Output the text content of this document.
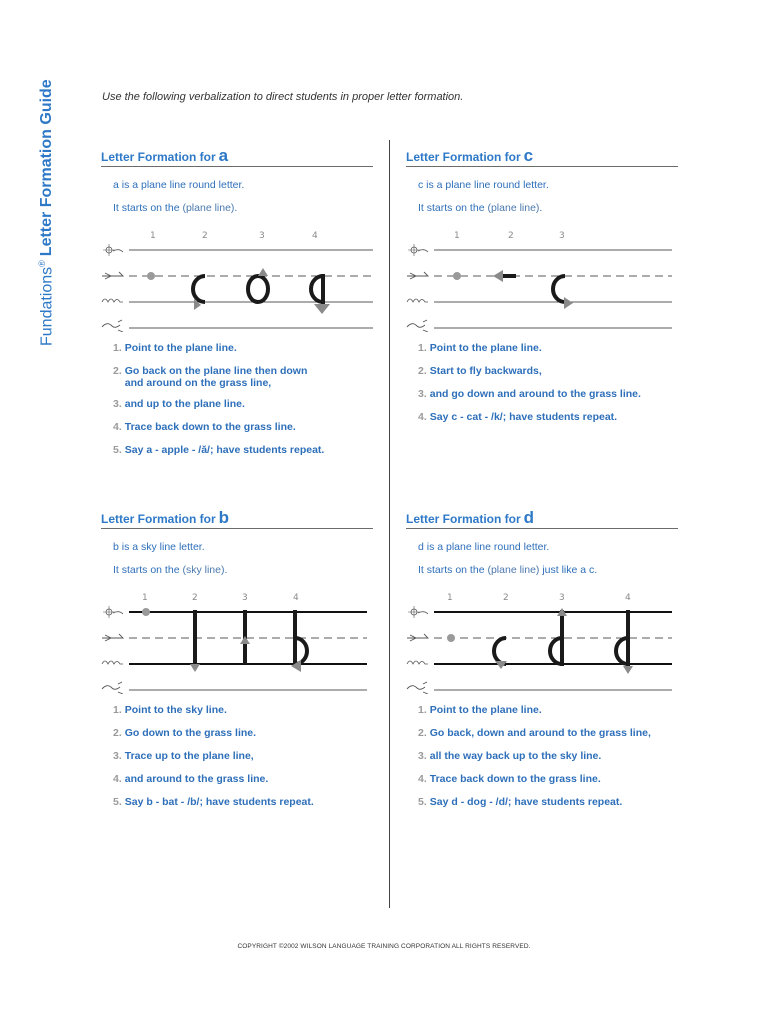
Fundations®Letter Formation Guide	Use the following verbalization to direct students in proper letter formation.
Letter Formation for a
a is a plane line round letter.
It starts on the (plane line).
1	2	3	4
1. Point to the plane line.
2. Go back on the plane line then down
and around on the grass line,
3. and up to the plane line.
4. Trace back down to the grass line.
5. Say a - apple - /ă/; have students repeat.
Letter Formation for c
c is a plane line round letter.
It starts on the (plane line).
1	2	3
1. Point to the plane line.
2. Start to fly backwards,
3. and go down and around to the grass line.
4. Say c - cat - /k/; have students repeat.
Letter Formation for b
b is a sky line letter.
It starts on the (sky line).
1	2	3	4
1. Point to the sky line.
2. Go down to the grass line.
3. Trace up to the plane line,
4. and around to the grass line.
5. Say b - bat - /b/; have students repeat.
Letter Formation for d
d is a plane line round letter.
It starts on the (plane line) just like a c.
1	2	3	4
1. Point to the plane line.
2. Go back, down and around to the grass line,
3. all the way back up to the sky line.
4. Trace back down to the grass line.
5. Say d - dog - /d/; have students repeat.
COPYRIGHT ©2002 WILSON LANGUAGE TRAINING CORPORATION ALL RIGHTS RESERVED.
